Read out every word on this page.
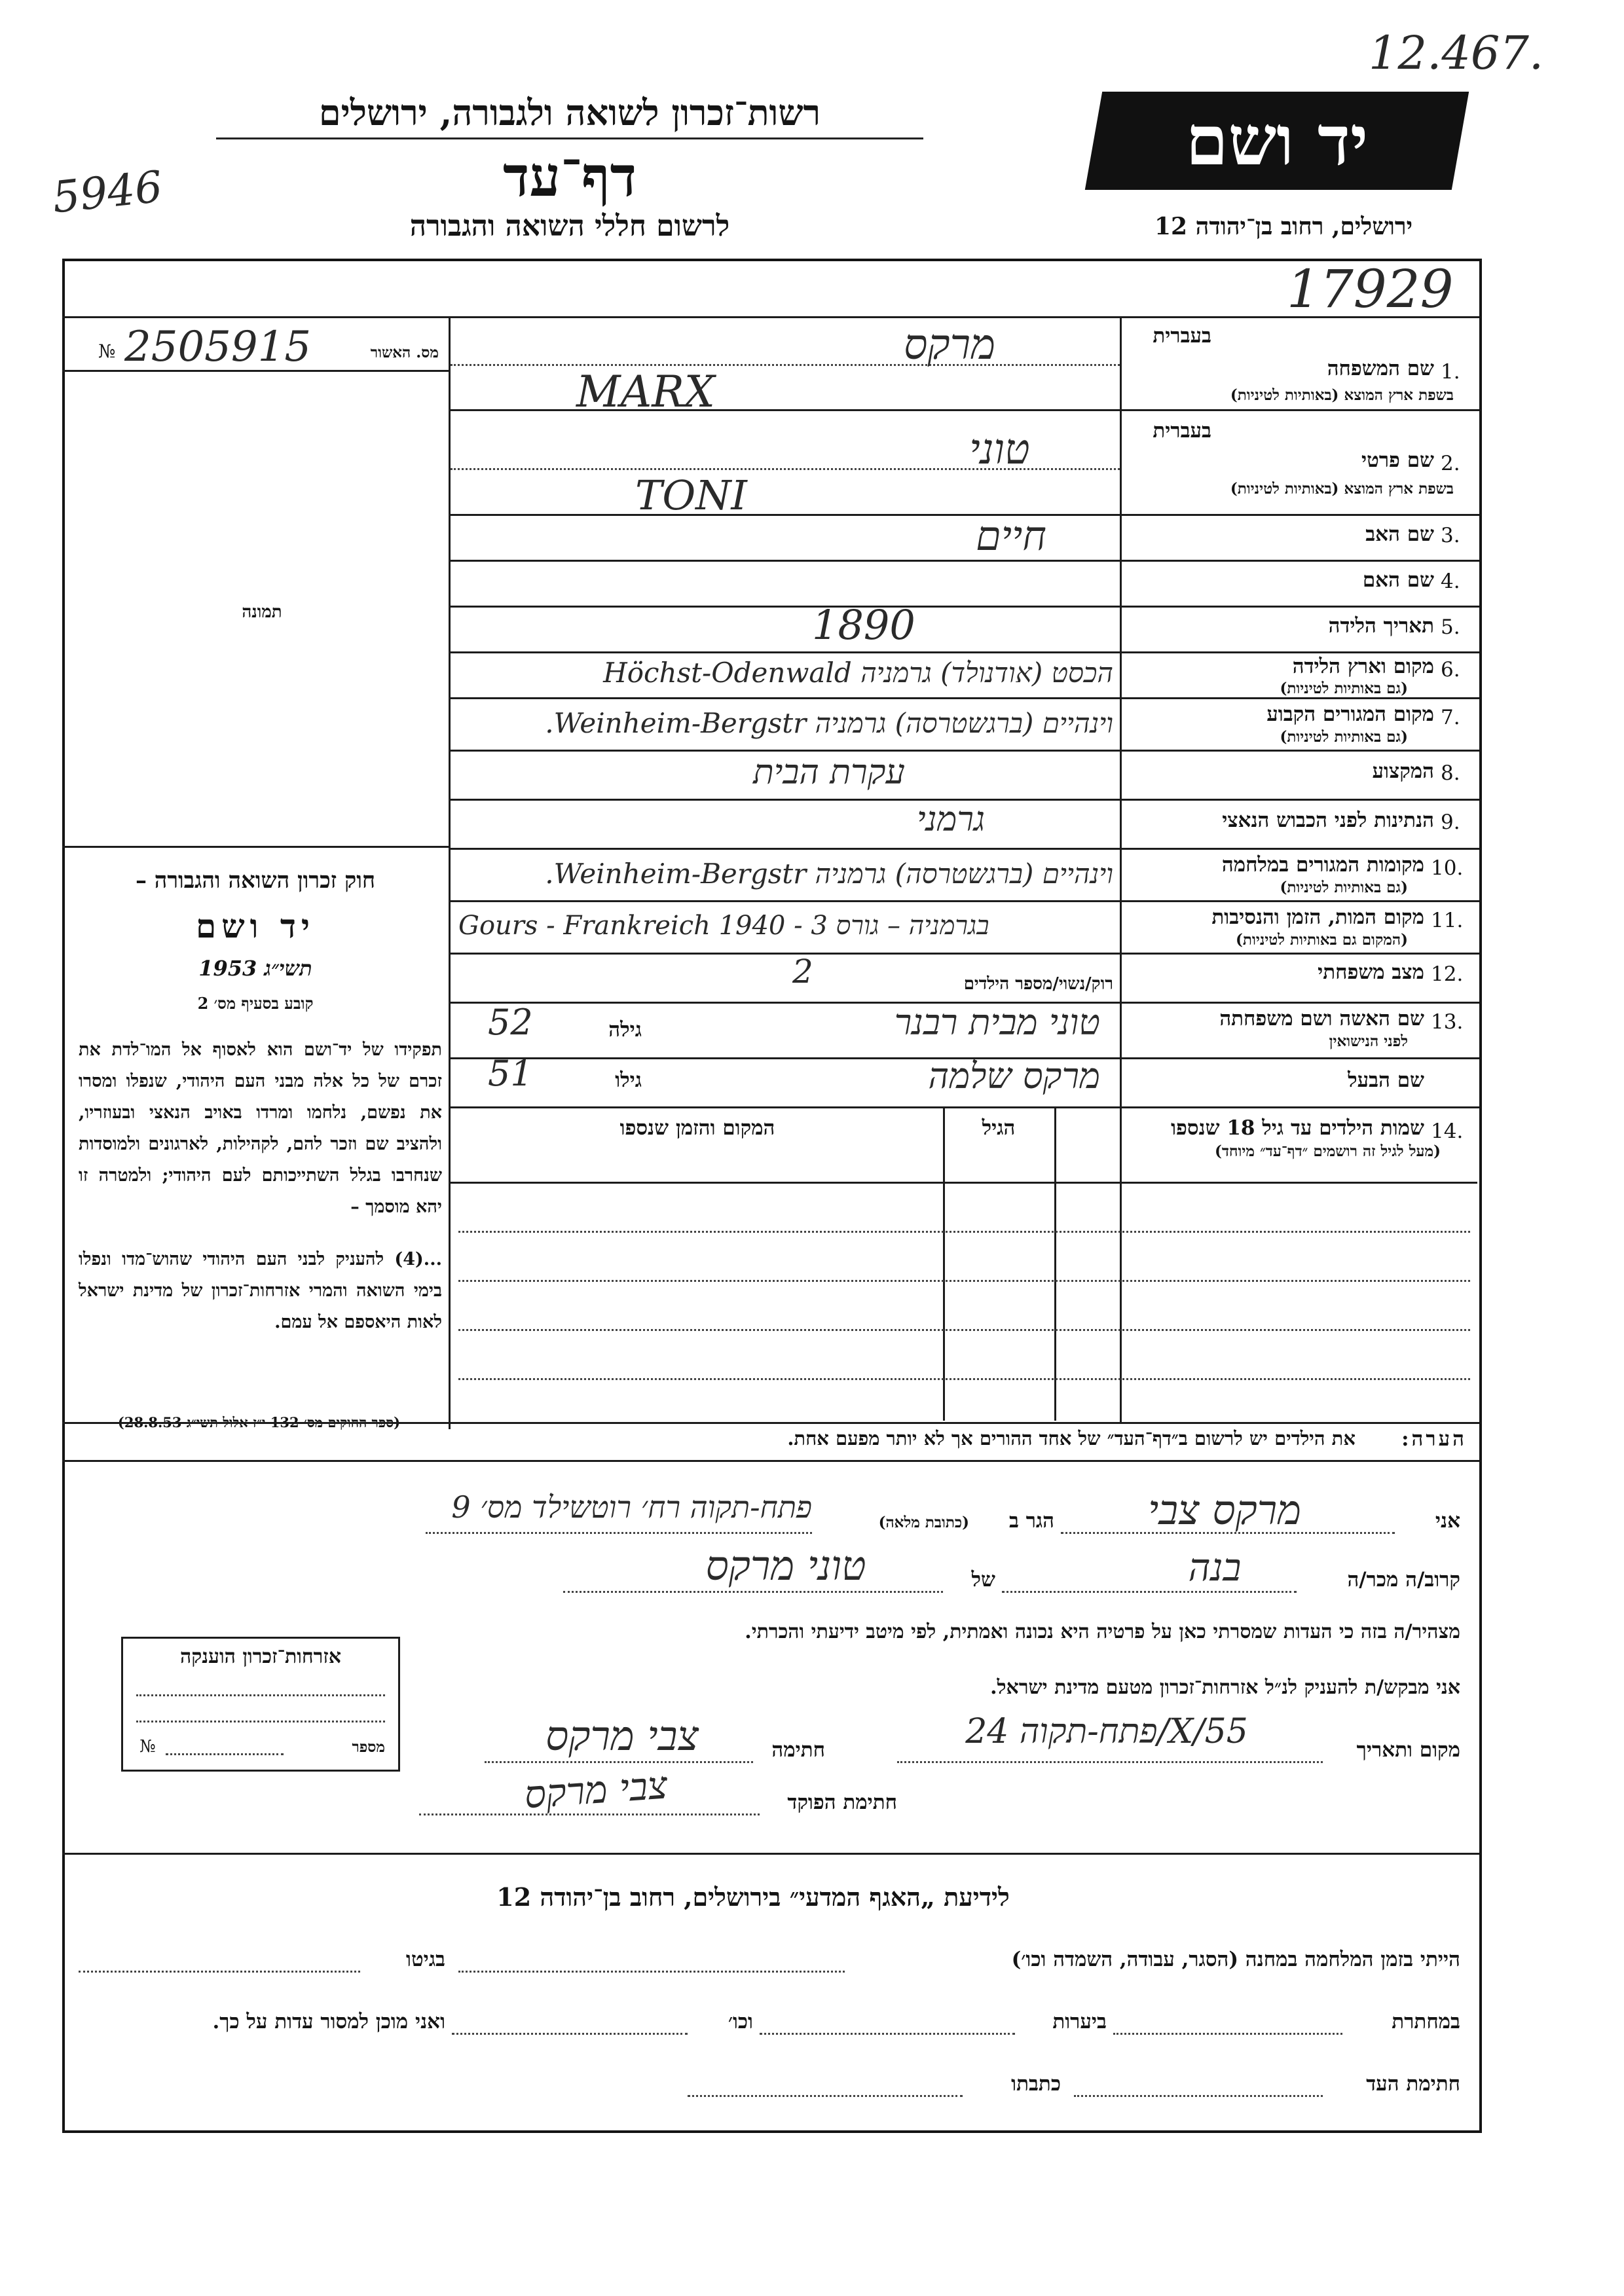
12.467.
5946
רשות־זכרון לשואה ולגבורה, ירושלים
דף־עד
לרשום חללי השואה והגבורה
יד ושם
ירושלים, רחוב בן־יהודה 12
17929
№ 2505915	מס. האשור
תמונה
חוק זכרון השואה והגבורה –
יד ושם
תשי״ג 1953
קובע בסעיף מס׳ 2
תפקידו של יד־ושם הוא לאסוף אל המו־לדת את זכרם של כל אלה מבני העם היהודי, שנפלו ומסרו את נפשם, נלחמו ומרדו באויב הנאצי ובעוזריו, ולהציב שם וזכר להם, לקהילות, לארגונים ולמוסדות שנחרבו בגלל השתייכותם לעם היהודי; ולמטרה זו יהא מוסמך –
...(4) להעניק לבני העם היהודי שהוש־מדו ונפלו בימי השואה והמרי אזרחות־זכרון של מדינת ישראל לאות היאספם אל עמם.
(ספר החוקים מס׳ 132 י״ז אלול תשי״ג 28.8.53)
בעברית
1.
שם המשפחה
בשפת ארץ המוצא (באותיות לטיניות)
מרקס
MARX
בעברית
2.
שם פרטי
בשפת ארץ המוצא (באותיות לטיניות)
טוני
TONI
3.
שם האב
חיים
4.
שם האם
5.
תאריך הלידה
1890
6.
מקום וארץ הלידה
(גם באותיות לטיניות)
הכסט (אודנולד) גרמניה Höchst-Odenwald
7.
מקום המגורים הקבוע
(גם באותיות לטיניות)
וינהיים (ברגשטרסה) גרמניה Weinheim-Bergstr.
8.
המקצוע
עקרת הבית
9.
הנתינות לפני הכבוש הנאצי
גרמני
10.
מקומות המגורים במלחמה
(גם באותיות לטיניות)
וינהיים (ברגשטרסה) גרמניה Weinheim-Bergstr.
11.
מקום המות, הזמן והנסיבות
(המקום גם באותיות לטיניות)
Gours - Frankreich 1940 - 3 בגרמניה – גורס
12.
מצב משפחתי
רוק/נשוי/מספר הילדים
2
13.
שם האשה ושם משפחתה
לפני הנישואין
טוני מבית רבנר
גילה
52
שם הבעל
מרקס שלמה
גילו
51
14.
שמות הילדים עד גיל 18 שנספו
(מעל לגיל זה רושמים ״דף־עד״ מיוחד)
הגיל
המקום והזמן שנספו
הערה:
את הילדים יש לרשום ב״דף־העד״ של אחד ההורים אך לא יותר מפעם אחת.
אני
מרקס צבי
הגר ב
(כתובת מלאה)
פתח-תקוה רח׳ רוטשילד מס׳ 9
קרוב/ה מכר/ה
בנה
של
טוני מרקס
מצהיר/ה בזה כי העדות שמסרתי כאן על פרטיה היא נכונה ואמתית, לפי מיטב ידיעתי והכרתי.
אני מבקש/ת להעניק לנ״ל אזרחות־זכרון מטעם מדינת ישראל.
מקום ותאריך
פתח-תקוה 24/X/55
חתימה
צבי מרקס
חתימת הפוקד
צבי מרקס
אזרחות־זכרון הוענקה
№	מספר
לידיעת „האגף המדעי״ בירושלים, רחוב בן־יהודה 12
הייתי בזמן המלחמה במחנה (הסגר, עבודה, השמדה וכו׳)
בגיטו
במחתרת
ביערות
וכו׳
ואני מוכן למסור עדות על כך.
חתימת העד
כתבתו
